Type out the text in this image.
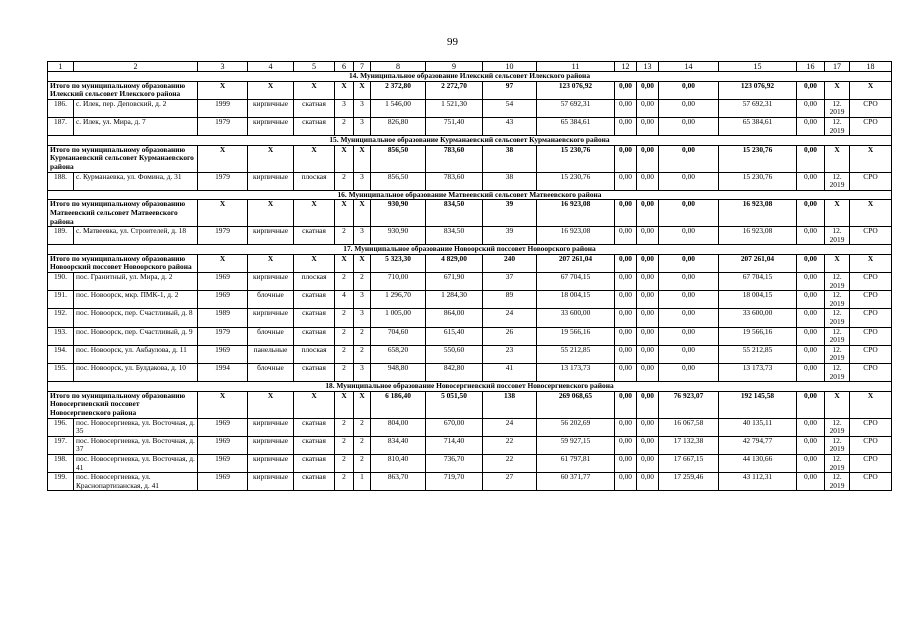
99
1	2	3	4	5	6	7	8	9	10	11	12	13	14	15	16	17	18
14. Муниципальное образование Илекский сельсовет Илекского района																	
Итого по муниципальному образованию Илекский сельсовет Илекского района		Х	Х	Х	Х	Х	2 372,80	2 272,70	97	123 076,92	0,00	0,00	0,00	123 076,92	0,00	Х	Х
186.	с. Илек, пер. Деповский, д. 2	1999	кирпичные	скатная	3	3	1 546,00	1 521,30	54	57 692,31	0,00	0,00	0,00	57 692,31	0,00	12. 2019	СРО
187.	с. Илек, ул. Мира, д. 7	1979	кирпичные	скатная	2	3	826,80	751,40	43	65 384,61	0,00	0,00	0,00	65 384,61	0,00	12. 2019	СРО
15. Муниципальное образование Курманаевский сельсовет Курманаевского района																	
Итого по муниципальному образованию Курманаевский сельсовет Курманаевского района		Х	Х	Х	Х	Х	856,50	783,60	38	15 230,76	0,00	0,00	0,00	15 230,76	0,00	Х	Х
188.	с. Курманаевка, ул. Фомина, д. 31	1979	кирпичные	плоская	2	3	856,50	783,60	38	15 230,76	0,00	0,00	0,00	15 230,76	0,00	12. 2019	СРО
16. Муниципальное образование Матвеевский сельсовет Матвеевского района																	
Итого по муниципальному образованию Матвеевский сельсовет Матвеевского района		Х	Х	Х	Х	Х	930,90	834,50	39	16 923,08	0,00	0,00	0,00	16 923,08	0,00	Х	Х
189.	с. Матвеевка, ул. Строителей, д. 18	1979	кирпичные	скатная	2	3	930,90	834,50	39	16 923,08	0,00	0,00	0,00	16 923,08	0,00	12. 2019	СРО
17. Муниципальное образование Новоорский поссовет Новоорского района																	
Итого по муниципальному образованию Новоорский поссовет Новоорского района		Х	Х	Х	Х	Х	5 323,30	4 829,00	240	207 261,04	0,00	0,00	0,00	207 261,04	0,00	Х	Х
190.	пос. Гранитный, ул. Мира, д. 2	1969	кирпичные	плоская	2	2	710,00	671,90	37	67 704,15	0,00	0,00	0,00	67 704,15	0,00	12. 2019	СРО
191.	пос. Новоорск, мкр. ПМК-1, д. 2	1969	блочные	скатная	4	3	1 296,70	1 284,30	89	18 004,15	0,00	0,00	0,00	18 004,15	0,00	12. 2019	СРО
192.	пос. Новоорск, пер. Счастливый, д. 8	1989	кирпичные	скатная	2	3	1 005,00	864,00	24	33 600,00	0,00	0,00	0,00	33 600,00	0,00	12. 2019	СРО
193.	пос. Новоорск, пер. Счастливый, д. 9	1979	блочные	скатная	2	2	704,60	615,40	26	19 566,16	0,00	0,00	0,00	19 566,16	0,00	12. 2019	СРО
194.	пос. Новоорск, ул. Акбаулова, д. 11	1969	панельные	плоская	2	2	658,20	550,60	23	55 212,85	0,00	0,00	0,00	55 212,85	0,00	12. 2019	СРО
195.	пос. Новоорск, ул. Булдакова, д. 10	1994	блочные	скатная	2	3	948,80	842,80	41	13 173,73	0,00	0,00	0,00	13 173,73	0,00	12. 2019	СРО
18. Муниципальное образование Новосергиевский поссовет Новосергиевского района																	
Итого по муниципальному образованию Новосергиевский поссовет Новосергиевского района		Х	Х	Х	Х	Х	6 186,40	5 051,50	138	269 068,65	0,00	0,00	76 923,07	192 145,58	0,00	Х	Х
196.	пос. Новосергиевка, ул. Восточная, д. 35	1969	кирпичные	скатная	2	2	804,00	670,00	24	56 202,69	0,00	0,00	16 067,58	40 135,11	0,00	12. 2019	СРО
197.	пос. Новосергиевка, ул. Восточная, д. 37	1969	кирпичные	скатная	2	2	834,40	714,40	22	59 927,15	0,00	0,00	17 132,38	42 794,77	0,00	12. 2019	СРО
198.	пос. Новосергиевка, ул. Восточная, д. 41	1969	кирпичные	скатная	2	2	810,40	736,70	22	61 797,81	0,00	0,00	17 667,15	44 130,66	0,00	12. 2019	СРО
199.	пос. Новосергиевка, ул. Краснопартизанская, д. 41	1969	кирпичные	скатная	2	1	863,70	719,70	27	60 371,77	0,00	0,00	17 259,46	43 112,31	0,00	12. 2019	СРО
